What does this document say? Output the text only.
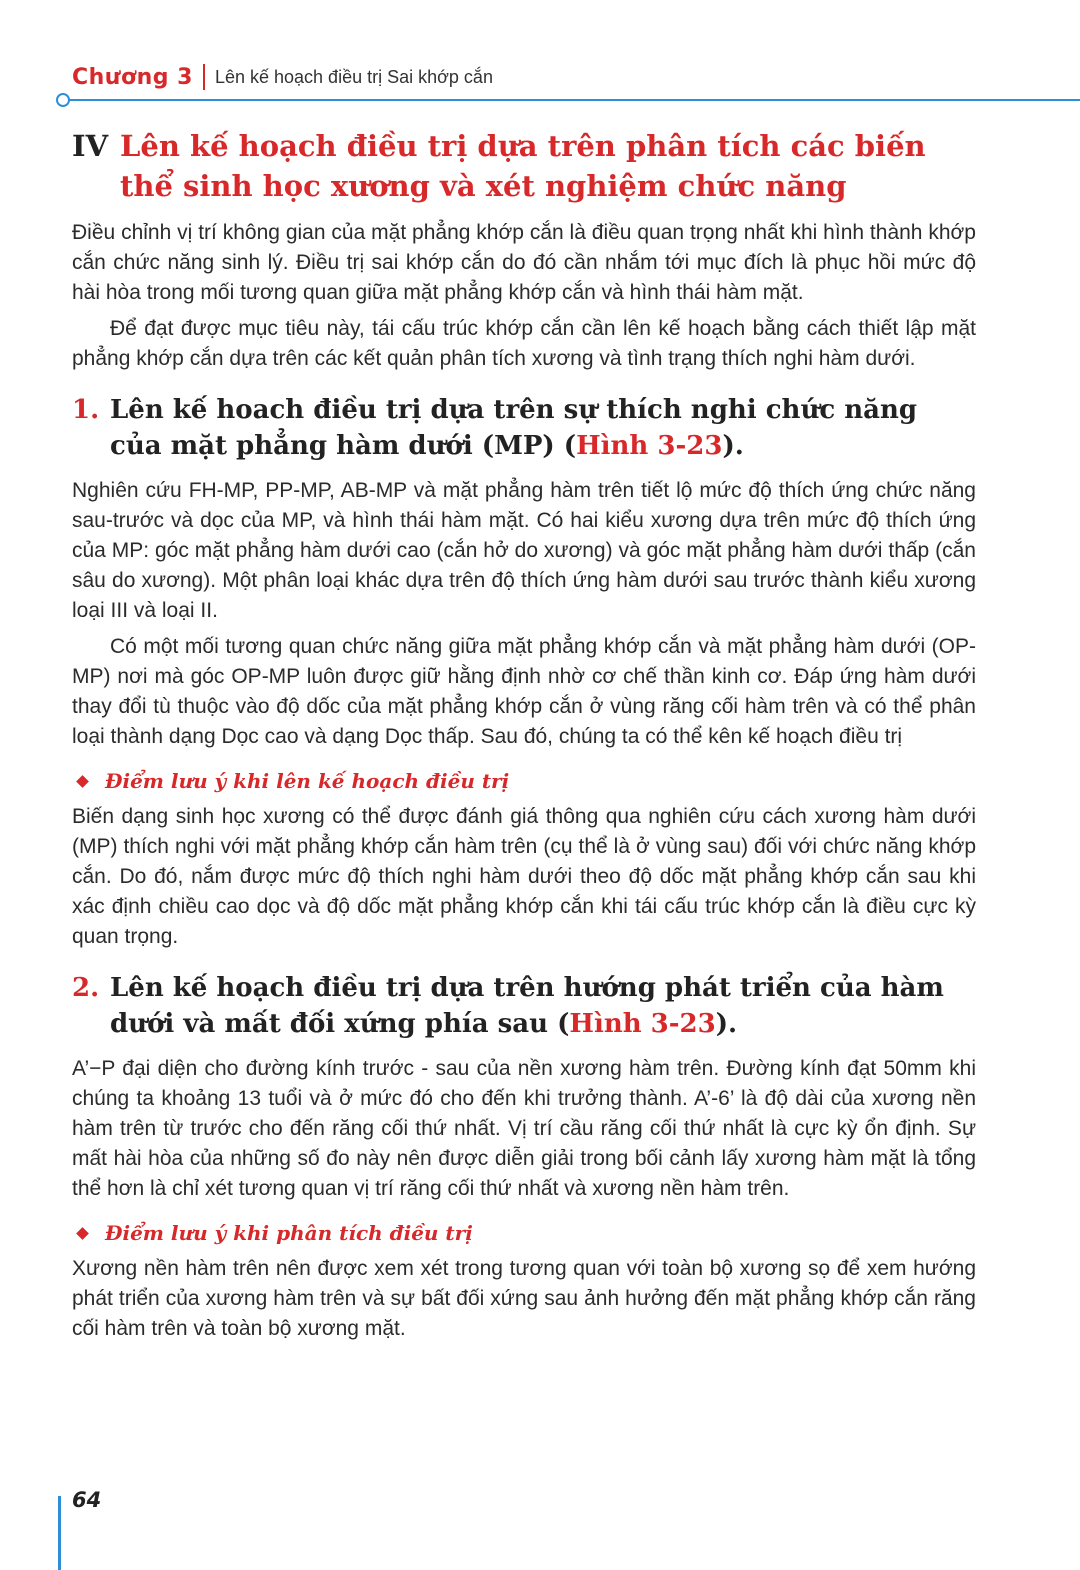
Chương 3 Lên kế hoạch điều trị Sai khớp cắn
IV Lên kế hoạch điều trị dựa trên phân tích các biến thể sinh học xương và xét nghiệm chức năng

Điều chỉnh vị trí không gian của mặt phẳng khớp cắn là điều quan trọng nhất khi hình thành khớp cắn chức năng sinh lý. Điều trị sai khớp cắn do đó cần nhắm tới mục đích là phục hồi mức độ hài hòa trong mối tương quan giữa mặt phẳng khớp cắn và hình thái hàm mặt.

Để đạt được mục tiêu này, tái cấu trúc khớp cắn cần lên kế hoạch bằng cách thiết lập mặt phẳng khớp cắn dựa trên các kết quản phân tích xương và tình trạng thích nghi hàm dưới.

1. Lên kế hoach điều trị dựa trên sự thích nghi chức năng của mặt phẳng hàm dưới (MP) (Hình 3-23).

Nghiên cứu FH-MP, PP-MP, AB-MP và mặt phẳng hàm trên tiết lộ mức độ thích ứng chức năng sau-trước và dọc của MP, và hình thái hàm mặt. Có hai kiểu xương dựa trên mức độ thích ứng của MP: góc mặt phẳng hàm dưới cao (cắn hở do xương) và góc mặt phẳng hàm dưới thấp (cắn sâu do xương). Một phân loại khác dựa trên độ thích ứng hàm dưới sau trước thành kiểu xương loại III và loại II.

Có một mối tương quan chức năng giữa mặt phẳng khớp cắn và mặt phẳng hàm dưới (OP-MP) nơi mà góc OP-MP luôn được giữ hằng định nhờ cơ chế thần kinh cơ. Đáp ứng hàm dưới thay đổi tù thuộc vào độ dốc của mặt phẳng khớp cắn ở vùng răng cối hàm trên và có thể phân loại thành dạng Dọc cao và dạng Dọc thấp. Sau đó, chúng ta có thể kên kế hoạch điều trị

Điểm lưu ý khi lên kế hoạch điều trị

Biến dạng sinh học xương có thể được đánh giá thông qua nghiên cứu cách xương hàm dưới (MP) thích nghi với mặt phẳng khớp cắn hàm trên (cụ thể là ở vùng sau) đối với chức năng khớp cắn. Do đó, nắm được mức độ thích nghi hàm dưới theo độ dốc mặt phẳng khớp cắn sau khi xác định chiều cao dọc và độ dốc mặt phẳng khớp cắn khi tái cấu trúc khớp cắn là điều cực kỳ quan trọng.

2. Lên kế hoạch điều trị dựa trên hướng phát triển của hàm dưới và mất đối xứng phía sau (Hình 3-23).

A’−P đại diện cho đường kính trước - sau của nền xương hàm trên. Đường kính đạt 50mm khi chúng ta khoảng 13 tuổi và ở mức đó cho đến khi trưởng thành. A’-6’ là độ dài của xương nền hàm trên từ trước cho đến răng cối thứ nhất. Vị trí cầu răng cối thứ nhất là cực kỳ ổn định. Sự mất hài hòa của những số đo này nên được diễn giải trong bối cảnh lấy xương hàm mặt là tổng thể hơn là chỉ xét tương quan vị trí răng cối thứ nhất và xương nền hàm trên.

Điểm lưu ý khi phân tích điều trị

Xương nền hàm trên nên được xem xét trong tương quan với toàn bộ xương sọ để xem hướng phát triển của xương hàm trên và sự bất đối xứng sau ảnh hưởng đến mặt phẳng khớp cắn răng cối hàm trên và toàn bộ xương mặt.

64
